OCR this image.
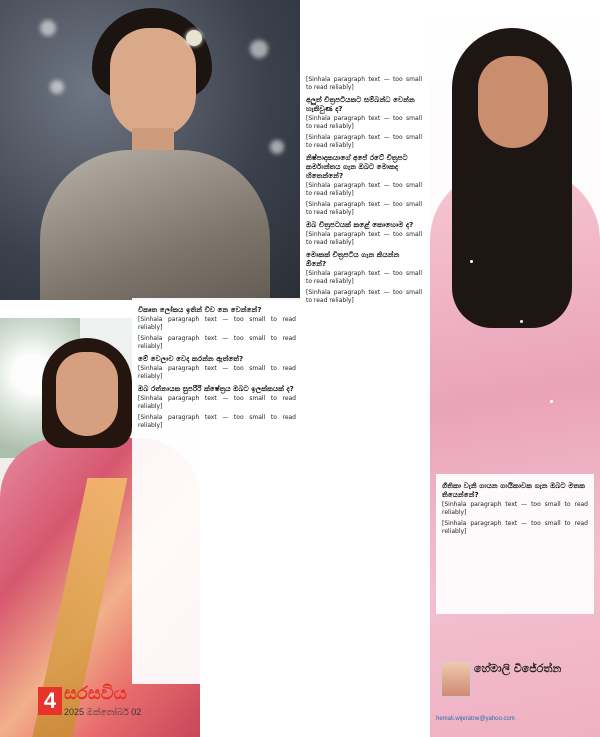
[Sinhala paragraph text — too small to read reliably]
අලුත් චිත්‍රපටියකට සම්බන්ධ වෙන්න හැකිවුණ ද?
[Sinhala paragraph text — too small to read reliably]
[Sinhala paragraph text — too small to read reliably]
නිෂ්පාදකයාගේ අපේ රටේ චිත්‍රපට කර්මාන්තය ගැන ඔබට මොකද හිතෙන්නේ?
[Sinhala paragraph text — too small to read reliably]
[Sinhala paragraph text — too small to read reliably]
ඔබ චිත්‍රපටයක් කළේ කොහොම ද?
[Sinhala paragraph text — too small to read reliably]
මොකක් චිත්‍රපටිය ගැන කියන්න ඕනේ?
[Sinhala paragraph text — too small to read reliably]
[Sinhala paragraph text — too small to read reliably]
විකෘත ලෝකය ඉතින් විව නෙ වෙන්නේ?
[Sinhala paragraph text — too small to read reliably]
[Sinhala paragraph text — too small to read reliably]
මේ වෙලාව වෙද කරන්න ඇත්තේ?
[Sinhala paragraph text — too small to read reliably]
ඔබ රත්නායක සුපරිරි ක්ෂේත්‍රය ඔබට ඉලක්කයක් ද?
[Sinhala paragraph text — too small to read reliably]
[Sinhala paragraph text — too small to read reliably]
ගීතිකා වැනි ගායන ගායිකාවක ගැන ඔබට මතක තියෙන්නේ?
[Sinhala paragraph text — too small to read reliably]
[Sinhala paragraph text — too small to read reliably]
4 සරසවිය
2025 ඔක්තෝබර් 02
හේමාලි විජේරත්න
hemali.wijeratne@yahoo.com
